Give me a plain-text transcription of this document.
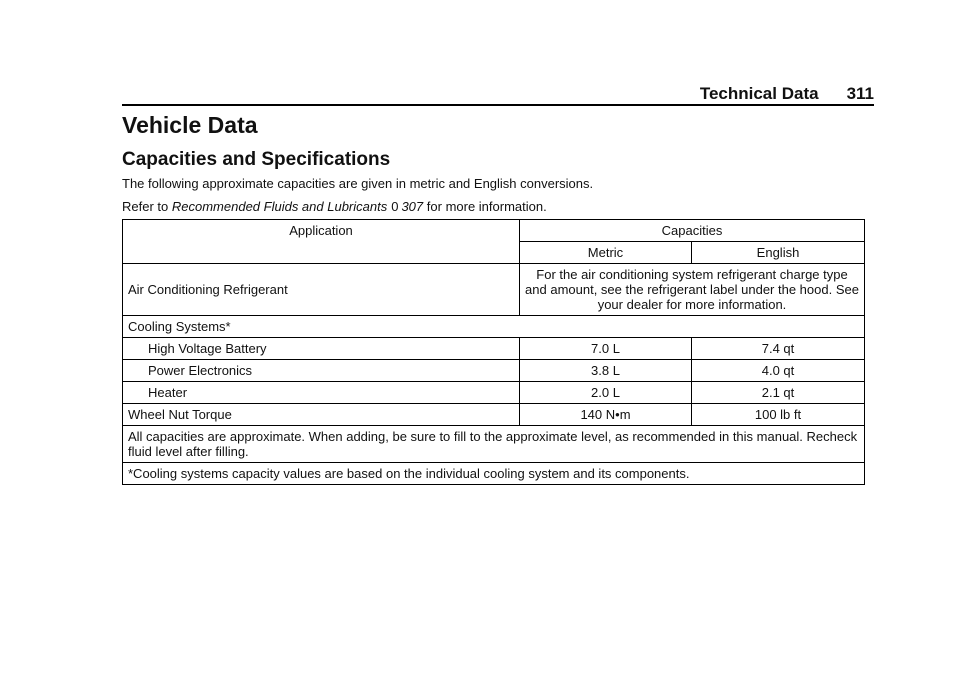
Technical Data 311
Vehicle Data
Capacities and Specifications
The following approximate capacities are given in metric and English conversions.
Refer to Recommended Fluids and Lubricants 0 307 for more information.
Application	Capacities	
	Metric	English
Air Conditioning Refrigerant	For the air conditioning system refrigerant charge type and amount, see the refrigerant label under the hood. See your dealer for more information.	
Cooling Systems*		
High Voltage Battery	7.0 L	7.4 qt
Power Electronics	3.8 L	4.0 qt
Heater	2.0 L	2.1 qt
Wheel Nut Torque	140 N•m	100 lb ft
All capacities are approximate. When adding, be sure to fill to the approximate level, as recommended in this manual. Recheck fluid level after filling.		
*Cooling systems capacity values are based on the individual cooling system and its components.		
